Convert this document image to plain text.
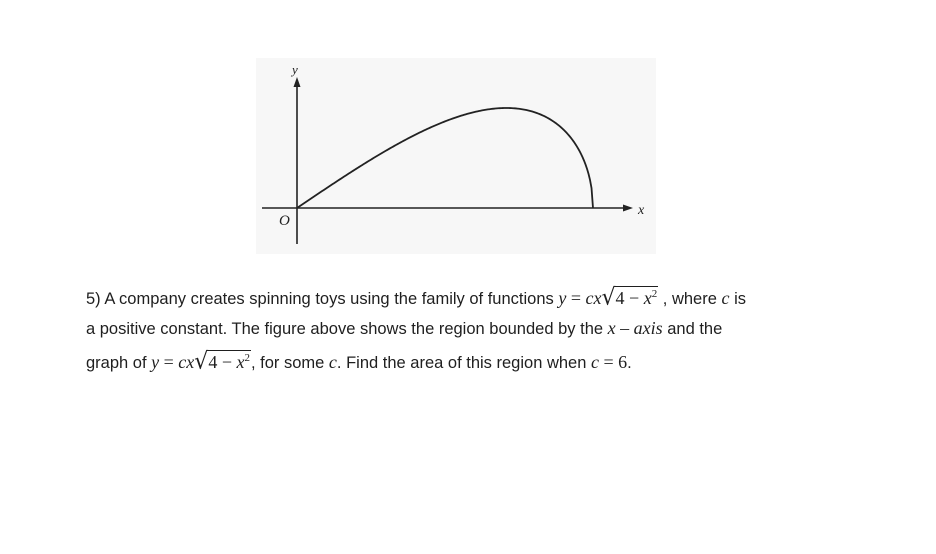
y
x
O
5) A company creates spinning toys using the family of functions $y = cx√4 - x^2$ , where c is
a positive constant. The figure above shows the region bounded by the x – axis and the
graph of $y = cx√4 - x^2$, for some c. Find the area of this region when c = 6.
